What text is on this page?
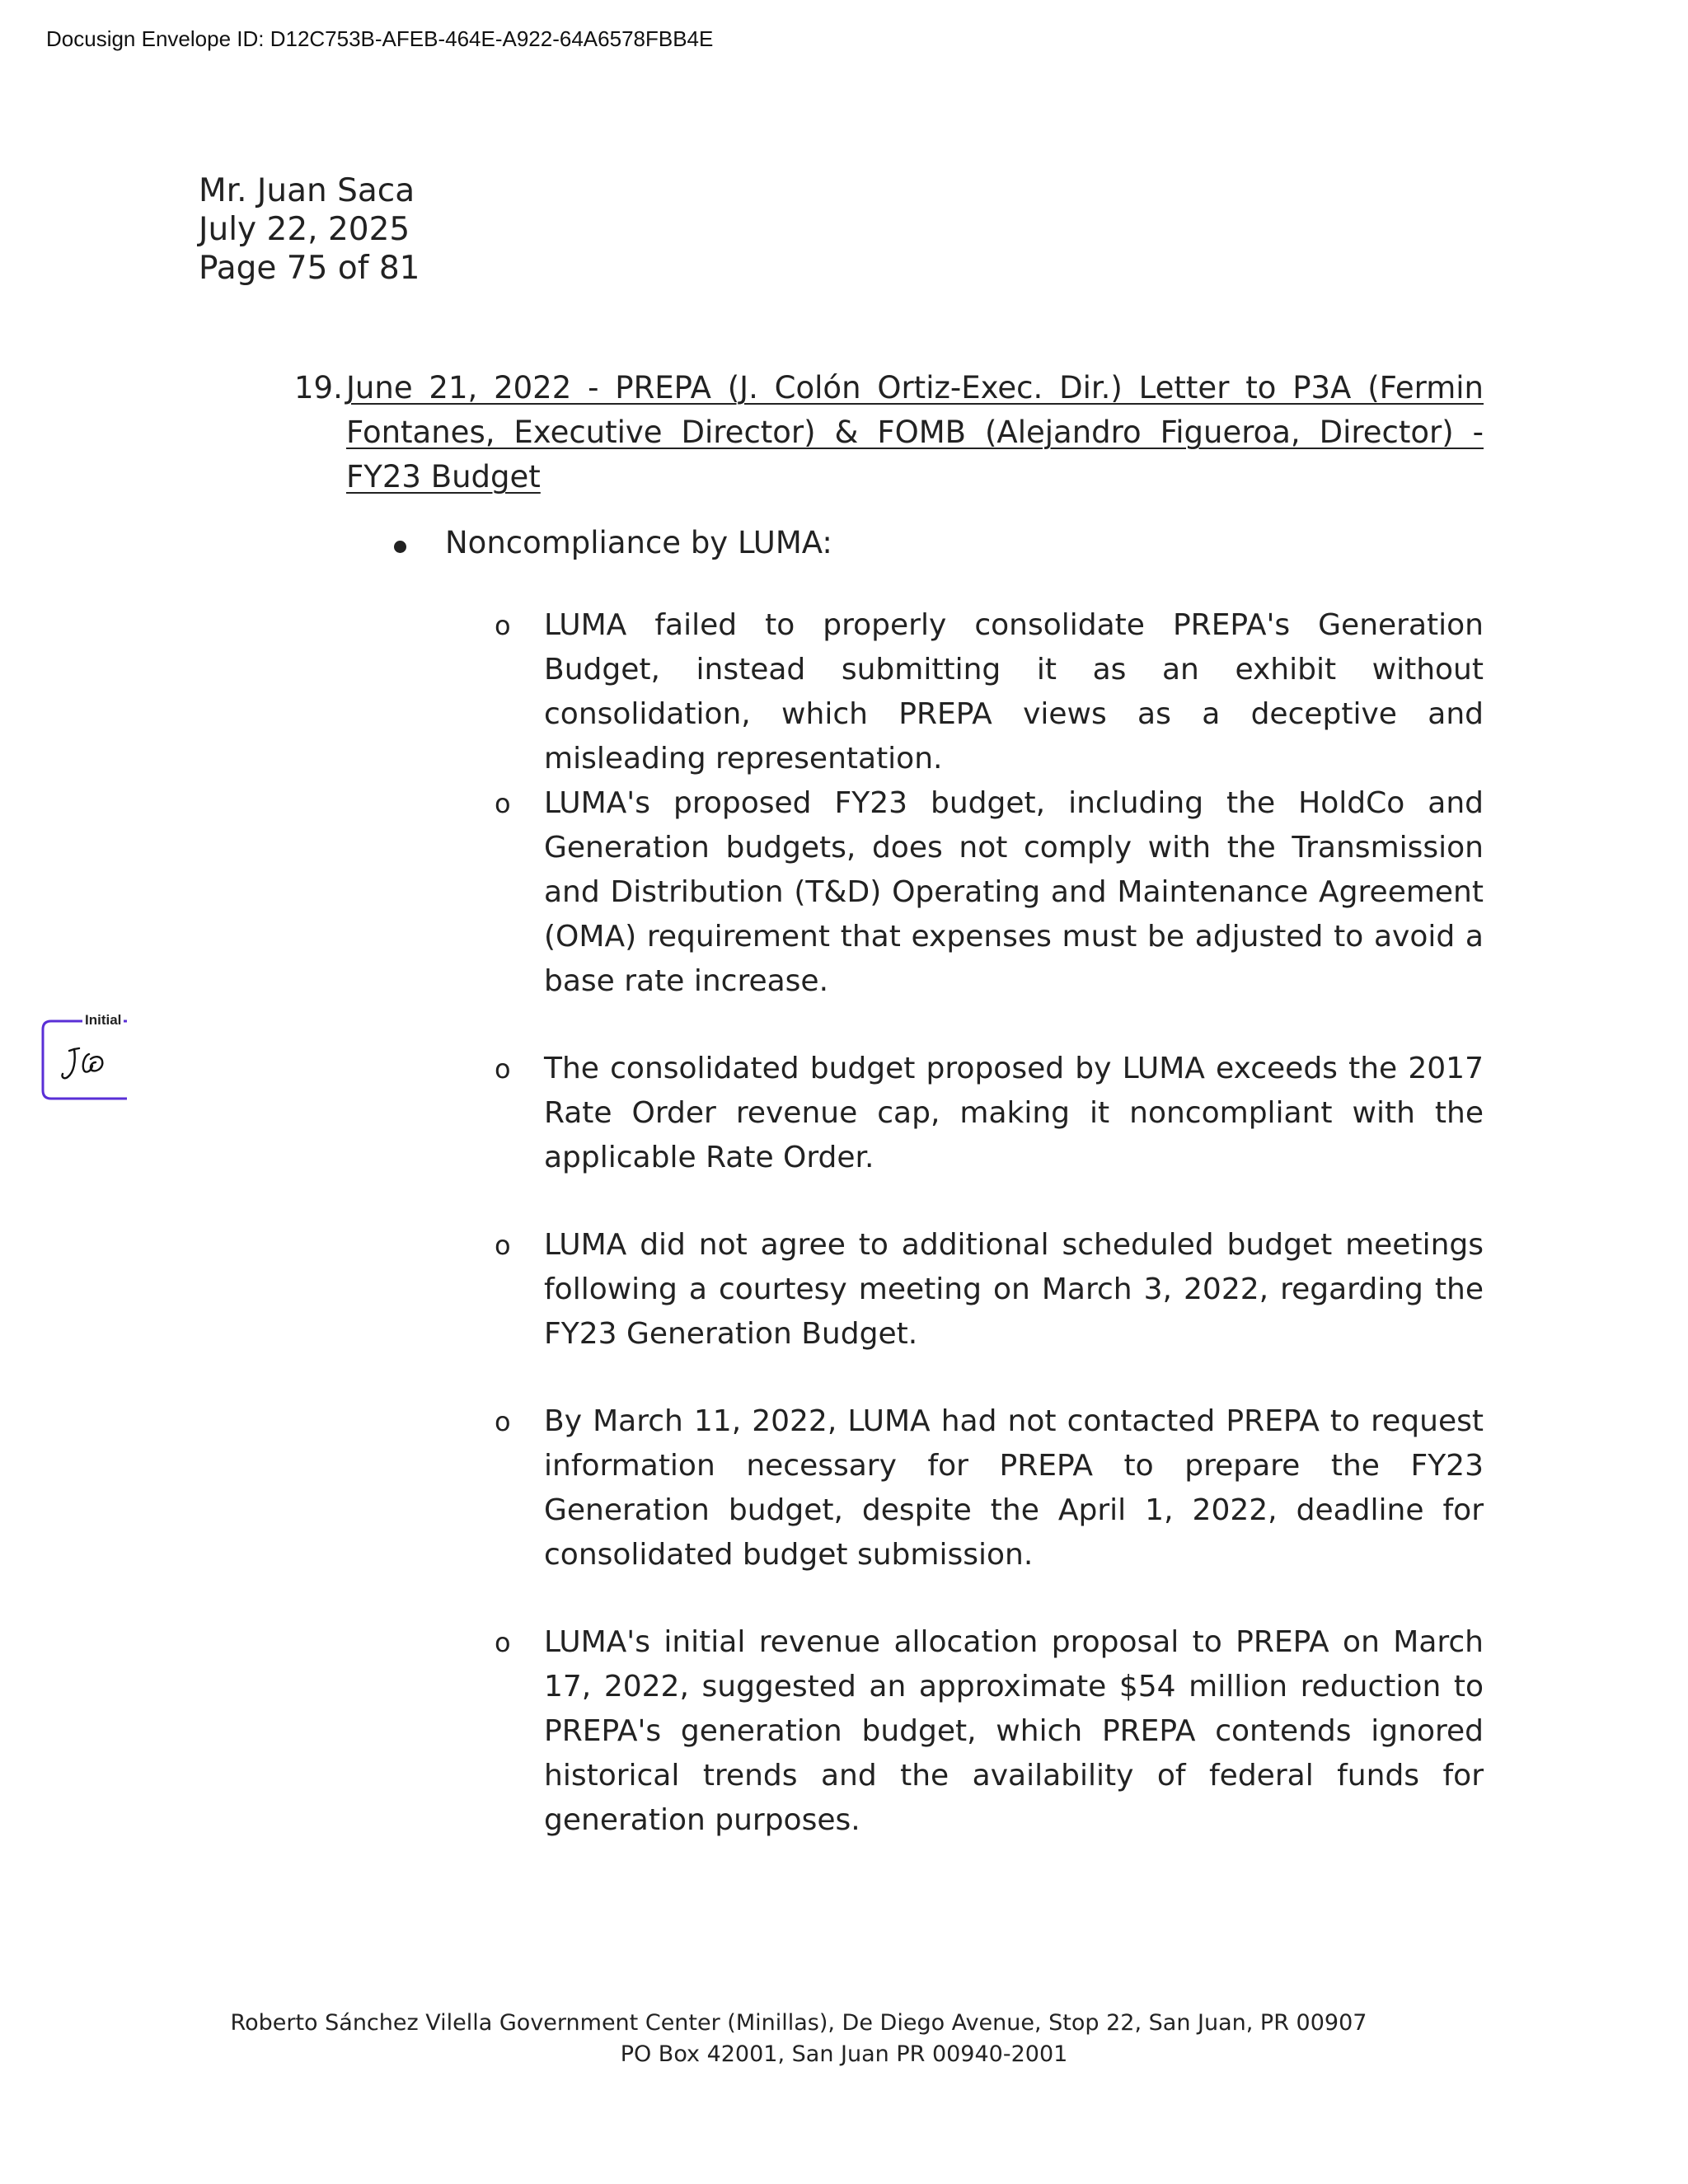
Docusign Envelope ID: D12C753B-AFEB-464E-A922-64A6578FBB4E
Mr. Juan Saca
July 22, 2025
Page 75 of 81
19. June 21, 2022 - PREPA (J. Colón Ortiz-Exec. Dir.) Letter to P3A (Fermin Fontanes, Executive Director) & FOMB (Alejandro Figueroa, Director) - FY23 Budget
Noncompliance by LUMA:
o LUMA failed to properly consolidate PREPA's Generation Budget, instead submitting it as an exhibit without consolidation, which PREPA views as a deceptive and misleading representation.
o LUMA's proposed FY23 budget, including the HoldCo and Generation budgets, does not comply with the Transmission and Distribution (T&D) Operating and Maintenance Agreement (OMA) requirement that expenses must be adjusted to avoid a base rate increase.
o The consolidated budget proposed by LUMA exceeds the 2017 Rate Order revenue cap, making it noncompliant with the applicable Rate Order.
o LUMA did not agree to additional scheduled budget meetings following a courtesy meeting on March 3, 2022, regarding the FY23 Generation Budget.
o By March 11, 2022, LUMA had not contacted PREPA to request information necessary for PREPA to prepare the FY23 Generation budget, despite the April 1, 2022, deadline for consolidated budget submission.
o LUMA's initial revenue allocation proposal to PREPA on March 17, 2022, suggested an approximate $54 million reduction to PREPA's generation budget, which PREPA contends ignored historical trends and the availability of federal funds for generation purposes.
Initial
Roberto Sánchez Vilella Government Center (Minillas), De Diego Avenue, Stop 22, San Juan, PR 00907
PO Box 42001, San Juan PR 00940-2001
